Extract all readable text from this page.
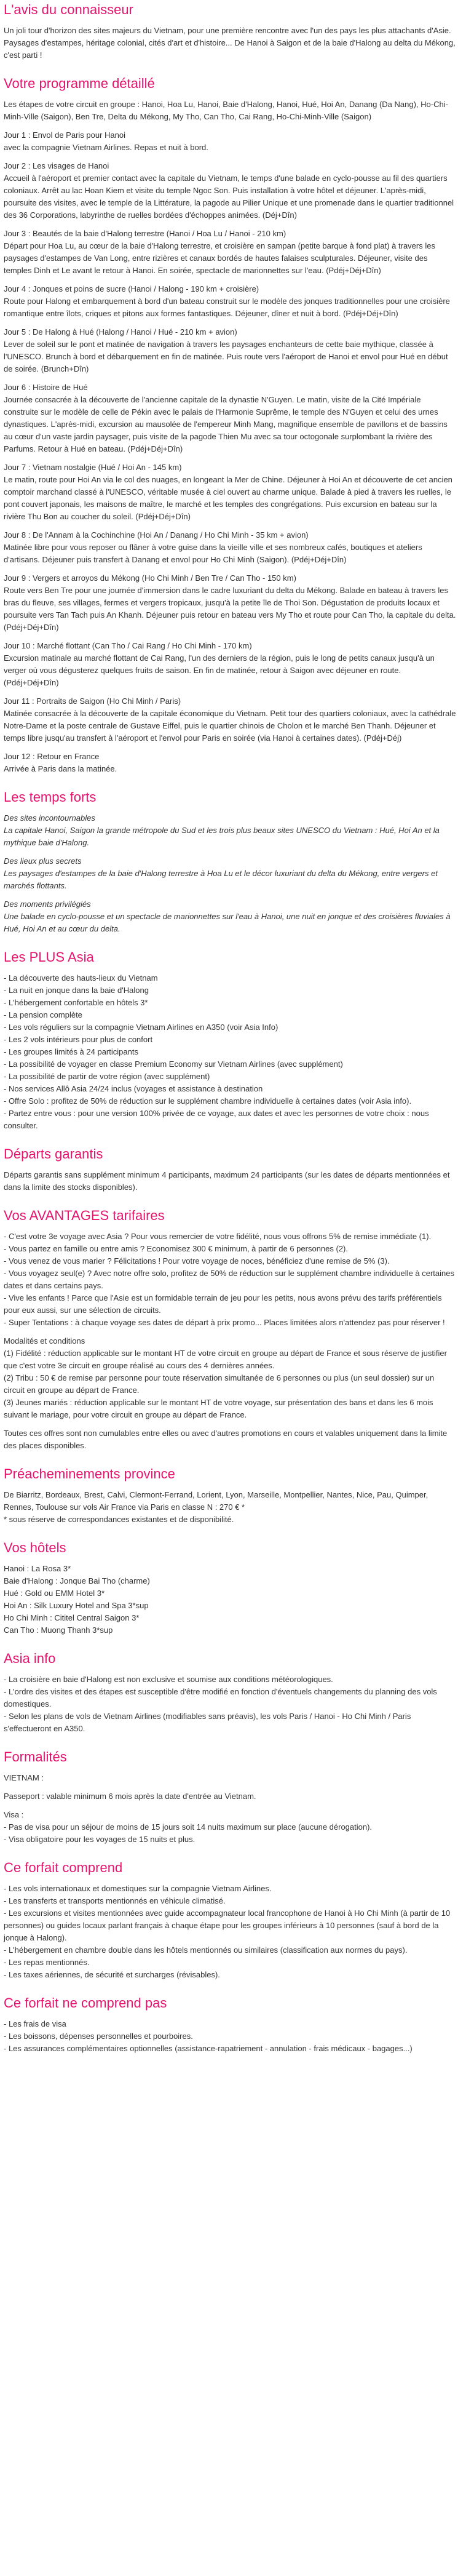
L'avis du connaisseur
Un joli tour d'horizon des sites majeurs du Vietnam, pour une première rencontre avec l'un des pays les plus attachants d'Asie. Paysages d'estampes, héritage colonial, cités d'art et d'histoire... De Hanoi à Saigon et de la baie d'Halong au delta du Mékong, c'est parti !
Votre programme détaillé
Les étapes de votre circuit en groupe : Hanoi, Hoa Lu, Hanoi, Baie d'Halong, Hanoi, Hué, Hoi An, Danang (Da Nang), Ho-Chi-Minh-Ville (Saigon), Ben Tre, Delta du Mékong, My Tho, Can Tho, Cai Rang, Ho-Chi-Minh-Ville (Saigon)
Jour 1 : Envol de Paris pour Hanoi
avec la compagnie Vietnam Airlines. Repas et nuit à bord.
Jour 2 : Les visages de Hanoi
Accueil à l'aéroport et premier contact avec la capitale du Vietnam, le temps d'une balade en cyclo-pousse au fil des quartiers coloniaux. Arrêt au lac Hoan Kiem et visite du temple Ngoc Son. Puis installation à votre hôtel et déjeuner. L'après-midi, poursuite des visites, avec le temple de la Littérature, la pagode au Pilier Unique et une promenade dans le quartier traditionnel des 36 Corporations, labyrinthe de ruelles bordées d'échoppes animées. (Déj+Dîn)
Jour 3 : Beautés de la baie d'Halong terrestre (Hanoi / Hoa Lu / Hanoi - 210 km)
Départ pour Hoa Lu, au cœur de la baie d'Halong terrestre, et croisière en sampan (petite barque à fond plat) à travers les paysages d'estampes de Van Long, entre rizières et canaux bordés de hautes falaises sculpturales. Déjeuner, visite des temples Dinh et Le avant le retour à Hanoi. En soirée, spectacle de marionnettes sur l'eau. (Pdéj+Déj+Dîn)
Jour 4 : Jonques et poins de sucre (Hanoi / Halong - 190 km + croisière)
Route pour Halong et embarquement à bord d'un bateau construit sur le modèle des jonques traditionnelles pour une croisière romantique entre îlots, criques et pitons aux formes fantastiques. Déjeuner, dîner et nuit à bord. (Pdéj+Déj+Dîn)
Jour 5 : De Halong à Hué (Halong / Hanoi / Hué - 210 km + avion)
Lever de soleil sur le pont et matinée de navigation à travers les paysages enchanteurs de cette baie mythique, classée à l'UNESCO. Brunch à bord et débarquement en fin de matinée. Puis route vers l'aéroport de Hanoi et envol pour Hué en début de soirée. (Brunch+Dîn)
Jour 6 : Histoire de Hué
Journée consacrée à la découverte de l'ancienne capitale de la dynastie N'Guyen. Le matin, visite de la Cité Impériale construite sur le modèle de celle de Pékin avec le palais de l'Harmonie Suprême, le temple des N'Guyen et celui des urnes dynastiques. L'après-midi, excursion au mausolée de l'empereur Minh Mang, magnifique ensemble de pavillons et de bassins au cœur d'un vaste jardin paysager, puis visite de la pagode Thien Mu avec sa tour octogonale surplombant la rivière des Parfums. Retour à Hué en bateau. (Pdéj+Déj+Dîn)
Jour 7 : Vietnam nostalgie (Hué / Hoi An - 145 km)
Le matin, route pour Hoi An via le col des nuages, en longeant la Mer de Chine. Déjeuner à Hoi An et découverte de cet ancien comptoir marchand classé à l'UNESCO, véritable musée à ciel ouvert au charme unique. Balade à pied à travers les ruelles, le pont couvert japonais, les maisons de maître, le marché et les temples des congrégations. Puis excursion en bateau sur la rivière Thu Bon au coucher du soleil. (Pdéj+Déj+Dîn)
Jour 8 : De l'Annam à la Cochinchine (Hoi An / Danang / Ho Chi Minh - 35 km + avion)
Matinée libre pour vous reposer ou flâner à votre guise dans la vieille ville et ses nombreux cafés, boutiques et ateliers d'artisans. Déjeuner puis transfert à Danang et envol pour Ho Chi Minh (Saigon). (Pdéj+Déj+Dîn)
Jour 9 : Vergers et arroyos du Mékong (Ho Chi Minh / Ben Tre / Can Tho - 150 km)
Route vers Ben Tre pour une journée d'immersion dans le cadre luxuriant du delta du Mékong. Balade en bateau à travers les bras du fleuve, ses villages, fermes et vergers tropicaux, jusqu'à la petite île de Thoi Son. Dégustation de produits locaux et poursuite vers Tan Tach puis An Khanh. Déjeuner puis retour en bateau vers My Tho et route pour Can Tho, la capitale du delta. (Pdéj+Déj+Dîn)
Jour 10 : Marché flottant (Can Tho / Cai Rang / Ho Chi Minh - 170 km)
Excursion matinale au marché flottant de Cai Rang, l'un des derniers de la région, puis le long de petits canaux jusqu'à un verger où vous dégusterez quelques fruits de saison. En fin de matinée, retour à Saigon avec déjeuner en route. (Pdéj+Déj+Dîn)
Jour 11 : Portraits de Saigon (Ho Chi Minh / Paris)
Matinée consacrée à la découverte de la capitale économique du Vietnam. Petit tour des quartiers coloniaux, avec la cathédrale Notre-Dame et la poste centrale de Gustave Eiffel, puis le quartier chinois de Cholon et le marché Ben Thanh. Déjeuner et temps libre jusqu'au transfert à l'aéroport et l'envol pour Paris en soirée (via Hanoi à certaines dates). (Pdéj+Déj)
Jour 12 : Retour en France
Arrivée à Paris dans la matinée.
Les temps forts
Des sites incontournables
La capitale Hanoi, Saigon la grande métropole du Sud et les trois plus beaux sites UNESCO du Vietnam : Hué, Hoi An et la mythique baie d'Halong.
Des lieux plus secrets
Les paysages d'estampes de la baie d'Halong terrestre à Hoa Lu et le décor luxuriant du delta du Mékong, entre vergers et marchés flottants.
Des moments privilégiés
Une balade en cyclo-pousse et un spectacle de marionnettes sur l'eau à Hanoi, une nuit en jonque et des croisières fluviales à Hué, Hoi An et au cœur du delta.
Les PLUS Asia
- La découverte des hauts-lieux du Vietnam
- La nuit en jonque dans la baie d'Halong
- L'hébergement confortable en hôtels 3*
- La pension complète
- Les vols réguliers sur la compagnie Vietnam Airlines en A350 (voir Asia Info)
- Les 2 vols intérieurs pour plus de confort
- Les groupes limités à 24 participants
- La possibilité de voyager en classe Premium Economy sur Vietnam Airlines (avec supplément)
- La possibilité de partir de votre région (avec supplément)
- Nos services Allô Asia 24/24 inclus (voyages et assistance à destination
- Offre Solo : profitez de 50% de réduction sur le supplément chambre individuelle à certaines dates (voir Asia info).
- Partez entre vous : pour une version 100% privée de ce voyage, aux dates et avec les personnes de votre choix : nous consulter.
Départs garantis
Départs garantis sans supplément minimum 4 participants, maximum 24 participants (sur les dates de départs mentionnées et dans la limite des stocks disponibles).
Vos AVANTAGES tarifaires
- C'est votre 3e voyage avec Asia ? Pour vous remercier de votre fidélité, nous vous offrons 5% de remise immédiate (1).
- Vous partez en famille ou entre amis ? Economisez 300 € minimum, à partir de 6 personnes (2).
- Vous venez de vous marier ? Félicitations ! Pour votre voyage de noces, bénéficiez d'une remise de 5% (3).
- Vous voyagez seul(e) ? Avec notre offre solo, profitez de 50% de réduction sur le supplément chambre individuelle à certaines dates et dans certains pays.
- Vive les enfants ! Parce que l'Asie est un formidable terrain de jeu pour les petits, nous avons prévu des tarifs préférentiels pour eux aussi, sur une sélection de circuits.
- Super Tentations : à chaque voyage ses dates de départ à prix promo... Places limitées alors n'attendez pas pour réserver !
Modalités et conditions
(1) Fidélité : réduction applicable sur le montant HT de votre circuit en groupe au départ de France et sous réserve de justifier que c'est votre 3e circuit en groupe réalisé au cours des 4 dernières années.
(2) Tribu : 50 € de remise par personne pour toute réservation simultanée de 6 personnes ou plus (un seul dossier) sur un circuit en groupe au départ de France.
(3) Jeunes mariés : réduction applicable sur le montant HT de votre voyage, sur présentation des bans et dans les 6 mois suivant le mariage, pour votre circuit en groupe au départ de France.
Toutes ces offres sont non cumulables entre elles ou avec d'autres promotions en cours et valables uniquement dans la limite des places disponibles.
Préacheminements province
De Biarritz, Bordeaux, Brest, Calvi, Clermont-Ferrand, Lorient, Lyon, Marseille, Montpellier, Nantes, Nice, Pau, Quimper, Rennes, Toulouse sur vols Air France via Paris en classe N : 270 € *
* sous réserve de correspondances existantes et de disponibilité.
Vos hôtels
Hanoi : La Rosa 3*
Baie d'Halong : Jonque Bai Tho (charme)
Hué : Gold ou EMM Hotel 3*
Hoi An : Silk Luxury Hotel and Spa 3*sup
Ho Chi Minh : Cititel Central Saigon 3*
Can Tho : Muong Thanh 3*sup
Asia info
- La croisière en baie d'Halong est non exclusive et soumise aux conditions météorologiques.
- L'ordre des visites et des étapes est susceptible d'être modifié en fonction d'éventuels changements du planning des vols domestiques.
- Selon les plans de vols de Vietnam Airlines (modifiables sans préavis), les vols Paris / Hanoi - Ho Chi Minh / Paris s'effectueront en A350.
Formalités
VIETNAM :
Passeport : valable minimum 6 mois après la date d'entrée au Vietnam.
Visa :
- Pas de visa pour un séjour de moins de 15 jours soit 14 nuits maximum sur place (aucune dérogation).
- Visa obligatoire pour les voyages de 15 nuits et plus.
Ce forfait comprend
- Les vols internationaux et domestiques sur la compagnie Vietnam Airlines.
- Les transferts et transports mentionnés en véhicule climatisé.
- Les excursions et visites mentionnées avec guide accompagnateur local francophone de Hanoi à Ho Chi Minh (à partir de 10 personnes) ou guides locaux parlant français à chaque étape pour les groupes inférieurs à 10 personnes (sauf à bord de la jonque à Halong).
- L'hébergement en chambre double dans les hôtels mentionnés ou similaires (classification aux normes du pays).
- Les repas mentionnés.
- Les taxes aériennes, de sécurité et surcharges (révisables).
Ce forfait ne comprend pas
- Les frais de visa
- Les boissons, dépenses personnelles et pourboires.
- Les assurances complémentaires optionnelles (assistance-rapatriement - annulation - frais médicaux - bagages...)
